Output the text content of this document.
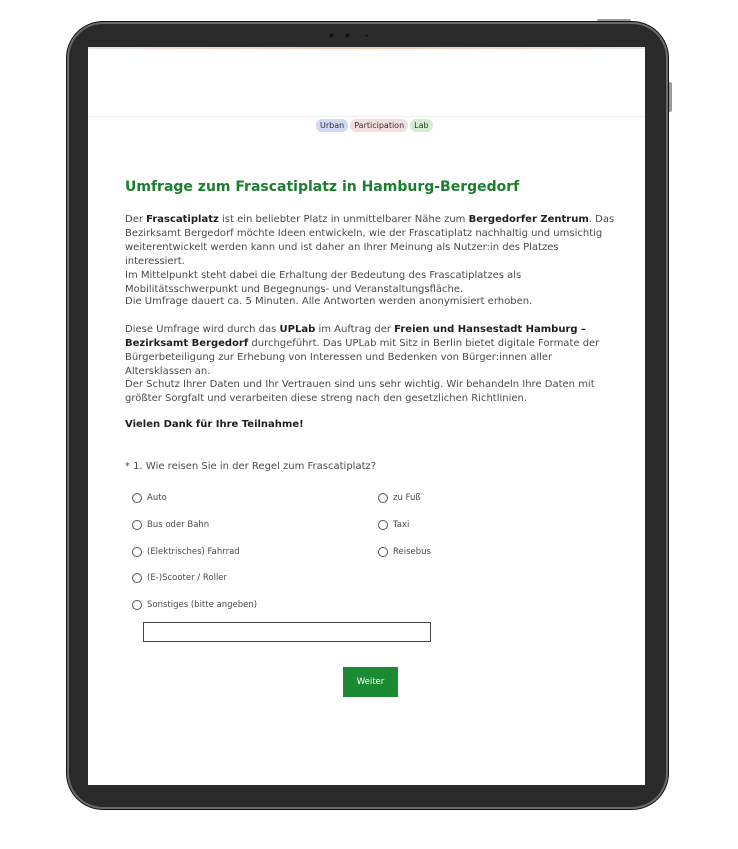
Urban	Participation	Lab
Umfrage zum Frascatiplatz in Hamburg-Bergedorf

Der Frascatiplatz ist ein beliebter Platz in unmittelbarer Nähe zum Bergedorfer Zentrum. Das Bezirksamt Bergedorf möchte Ideen entwickeln, wie der Frascatiplatz nachhaltig und umsichtig weiterentwickelt werden kann und ist daher an Ihrer Meinung als Nutzer:in des Platzes interessiert.
Im Mittelpunkt steht dabei die Erhaltung der Bedeutung des Frascatiplatzes als Mobilitätsschwerpunkt und Begegnungs- und Veranstaltungsfläche.

Die Umfrage dauert ca. 5 Minuten. Alle Antworten werden anonymisiert erhoben.

Diese Umfrage wird durch das UPLab im Auftrag der Freien und Hansestadt Hamburg – Bezirksamt Bergedorf durchgeführt. Das UPLab mit Sitz in Berlin bietet digitale Formate der Bürgerbeteiligung zur Erhebung von Interessen und Bedenken von Bürger:innen aller Altersklassen an.

Der Schutz Ihrer Daten und Ihr Vertrauen sind uns sehr wichtig. Wir behandeln Ihre Daten mit größter Sorgfalt und verarbeiten diese streng nach den gesetzlichen Richtlinien.

Vielen Dank für Ihre Teilnahme!

* 1. Wie reisen Sie in der Regel zum Frascatiplatz?

Auto
Bus oder Bahn
(Elektrisches) Fahrrad
(E-)Scooter / Roller
Sonstiges (bitte angeben)
zu Fuß
Taxi
Reisebus
Weiter
